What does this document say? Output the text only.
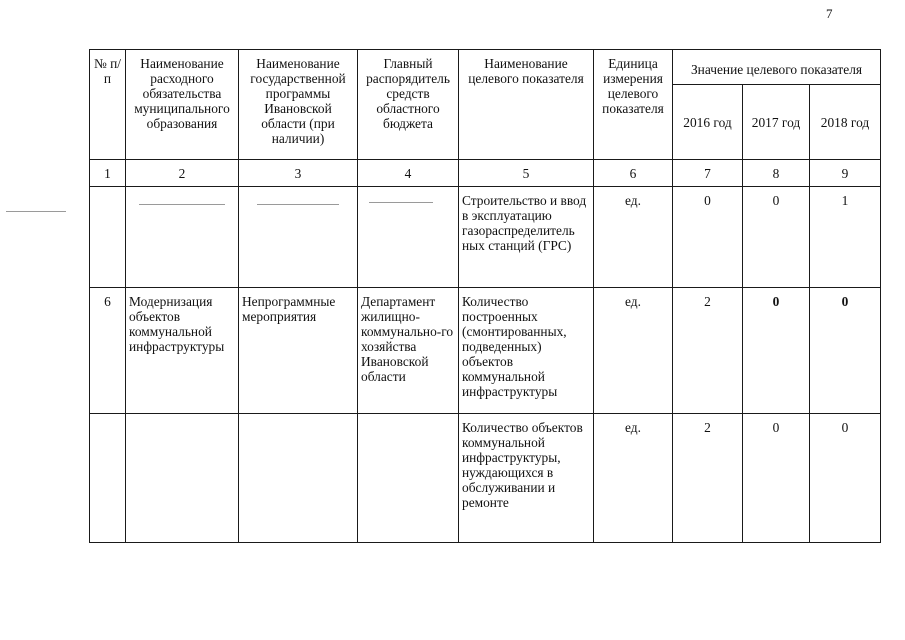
7
№ п/п	Наименование расходного обязательства муниципального образования	Наименование государственной программы Ивановской области (при наличии)	Главный распорядитель средств областного бюджета	Наименование целевого показателя	Единица измерения целевого показателя	Значение целевого показателя		
						2016 год	2017 год	2018 год
1	2	3	4	5	6	7	8	9
				Строительство и ввод в эксплуатацию газораспределитель ных станций (ГРС)	ед.	0	0	1
6	Модернизация объектов коммунальной инфраструктуры	Непрограммные мероприятия	Департамент жилищно-коммунально-го хозяйства Ивановской области	Количество построенных (смонтированных, подведенных) объектов коммунальной инфраструктуры	ед.	2	0	0
				Количество объектов коммунальной инфраструктуры, нуждающихся в обслуживании и ремонте	ед.	2	0	0
